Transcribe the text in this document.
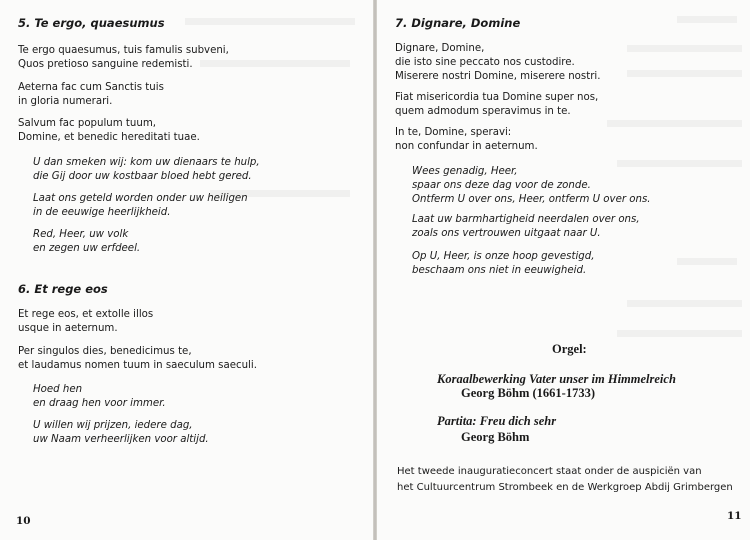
5. Te ergo, quaesumus
Te ergo quaesumus, tuis famulis subveni,
Quos pretioso sanguine redemisti.
Aeterna fac cum Sanctis tuis
in gloria numerari.
Salvum fac populum tuum,
Domine, et benedic hereditati tuae.
U dan smeken wij: kom uw dienaars te hulp,
die Gij door uw kostbaar bloed hebt gered.
Laat ons geteld worden onder uw heiligen
in de eeuwige heerlijkheid.
Red, Heer, uw volk
en zegen uw erfdeel.
6. Et rege eos
Et rege eos, et extolle illos
usque in aeternum.
Per singulos dies, benedicimus te,
et laudamus nomen tuum in saeculum saeculi.
Hoed hen
en draag hen voor immer.
U willen wij prijzen, iedere dag,
uw Naam verheerlijken voor altijd.
10
7. Dignare, Domine
Dignare, Domine,
die isto sine peccato nos custodire.
Miserere nostri Domine, miserere nostri.
Fiat misericordia tua Domine super nos,
quem admodum speravimus in te.
In te, Domine, speravi:
non confundar in aeternum.
Wees genadig, Heer,
spaar ons deze dag voor de zonde.
Ontferm U over ons, Heer, ontferm U over ons.
Laat uw barmhartigheid neerdalen over ons,
zoals ons vertrouwen uitgaat naar U.
Op U, Heer, is onze hoop gevestigd,
beschaam ons niet in eeuwigheid.
Orgel:
Koraalbewerking Vater unser im Himmelreich
Georg Böhm (1661-1733)
Partita: Freu dich sehr
Georg Böhm
Het tweede inauguratieconcert staat onder de auspiciën van
het Cultuurcentrum Strombeek en de Werkgroep Abdij Grimbergen
11
